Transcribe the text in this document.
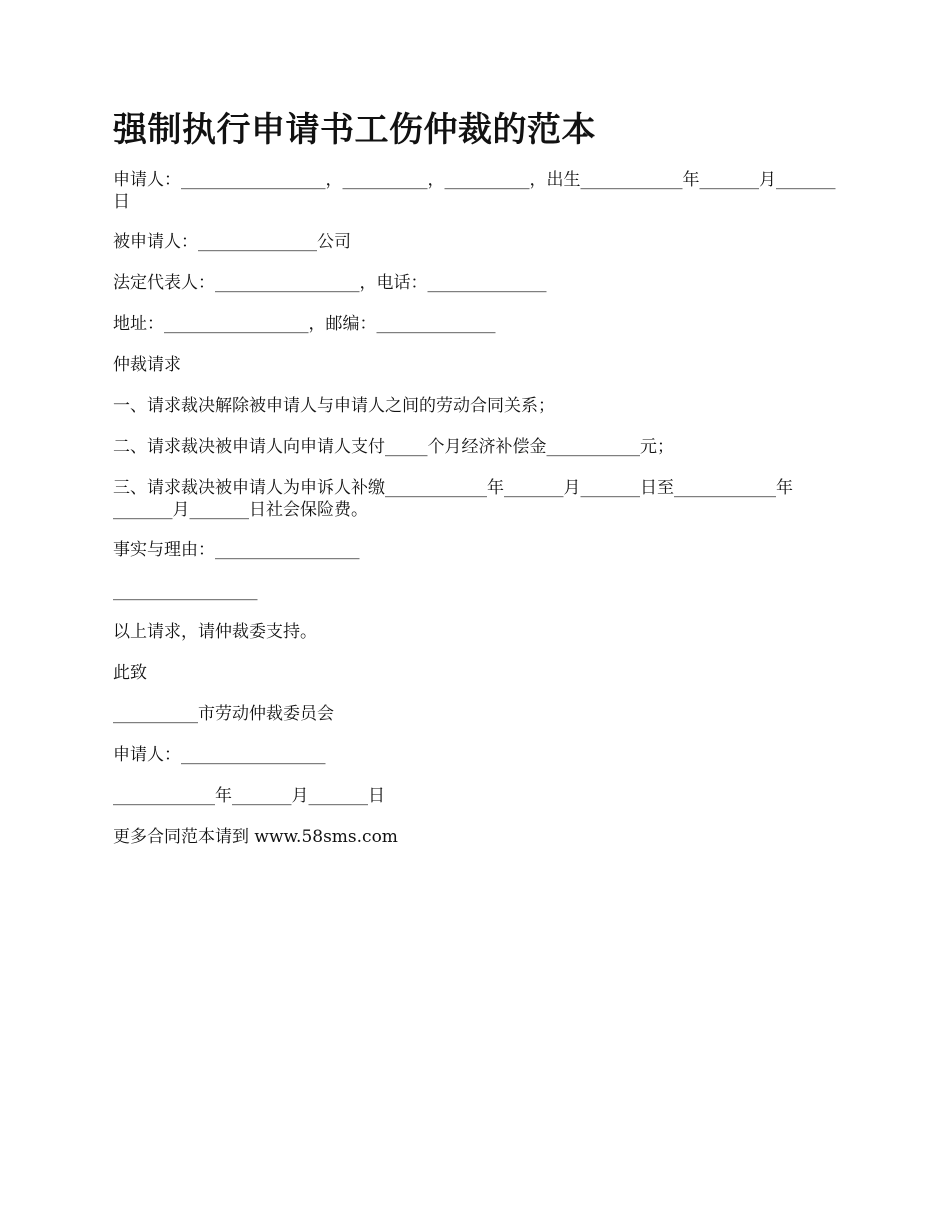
强制执行申请书工伤仲裁的范本

申请人：_________________，__________，__________，出生____________年_______月_______日

被申请人：______________公司

法定代表人：_________________，电话：______________

地址：_________________，邮编：______________

仲裁请求

一、请求裁决解除被申请人与申请人之间的劳动合同关系；

二、请求裁决被申请人向申请人支付_____个月经济补偿金___________元；

三、请求裁决被申请人为申诉人补缴____________年_______月_______日至____________年_______月_______日社会保险费。

事实与理由：_________________

_________________

以上请求，请仲裁委支持。

此致

__________市劳动仲裁委员会

申请人：_________________

____________年_______月_______日

更多合同范本请到 www.58sms.com
